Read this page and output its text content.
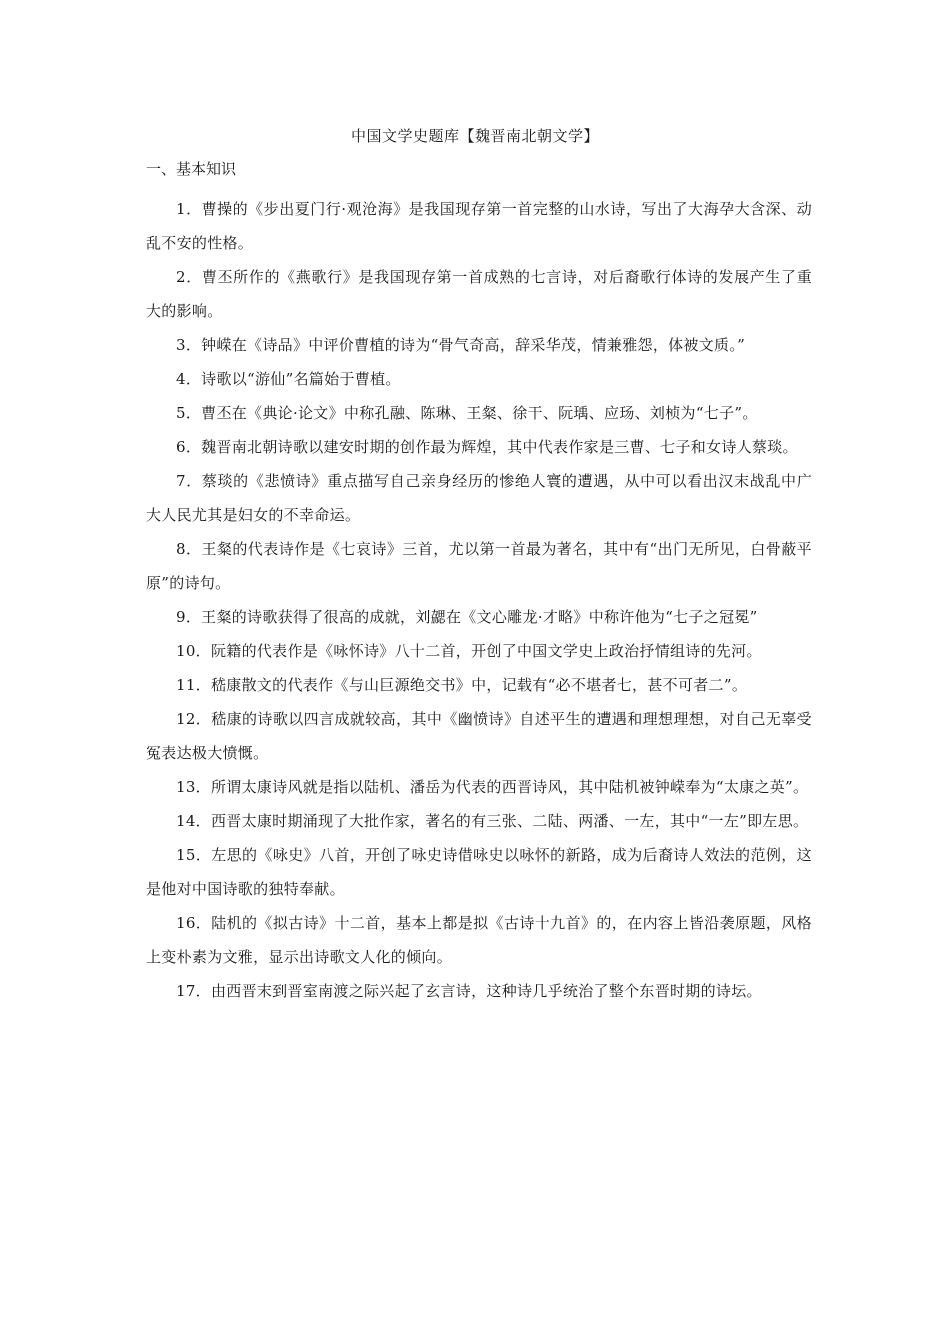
中国文学史题库【魏晋南北朝文学】
一、基本知识

1．曹操的《步出夏门行·观沧海》是我国现存第一首完整的山水诗，写出了大海孕大含深、动乱不安的性格。

2．曹丕所作的《燕歌行》是我国现存第一首成熟的七言诗，对后裔歌行体诗的发展产生了重大的影响。

3．钟嵘在《诗品》中评价曹植的诗为“骨气奇高，辞采华茂，情兼雅怨，体被文质。”

4．诗歌以“游仙”名篇始于曹植。

5．曹丕在《典论·论文》中称孔融、陈琳、王粲、徐干、阮瑀、应玚、刘桢为“七子”。

6．魏晋南北朝诗歌以建安时期的创作最为辉煌，其中代表作家是三曹、七子和女诗人蔡琰。

7．蔡琰的《悲愤诗》重点描写自己亲身经历的惨绝人寰的遭遇，从中可以看出汉末战乱中广大人民尤其是妇女的不幸命运。

8．王粲的代表诗作是《七哀诗》三首，尤以第一首最为著名，其中有“出门无所见，白骨蔽平原”的诗句。

9．王粲的诗歌获得了很高的成就，刘勰在《文心雕龙·才略》中称许他为“七子之冠冕”

10．阮籍的代表作是《咏怀诗》八十二首，开创了中国文学史上政治抒情组诗的先河。

11．嵇康散文的代表作《与山巨源绝交书》中，记载有“必不堪者七，甚不可者二”。

12．嵇康的诗歌以四言成就较高，其中《幽愤诗》自述平生的遭遇和理想理想，对自己无辜受冤表达极大愤慨。

13．所谓太康诗风就是指以陆机、潘岳为代表的西晋诗风，其中陆机被钟嵘奉为“太康之英”。

14．西晋太康时期涌现了大批作家，著名的有三张、二陆、两潘、一左，其中“一左”即左思。

15．左思的《咏史》八首，开创了咏史诗借咏史以咏怀的新路，成为后裔诗人效法的范例，这是他对中国诗歌的独特奉献。

16．陆机的《拟古诗》十二首，基本上都是拟《古诗十九首》的，在内容上皆沿袭原题，风格上变朴素为文雅，显示出诗歌文人化的倾向。

17．由西晋末到晋室南渡之际兴起了玄言诗，这种诗几乎统治了整个东晋时期的诗坛。
